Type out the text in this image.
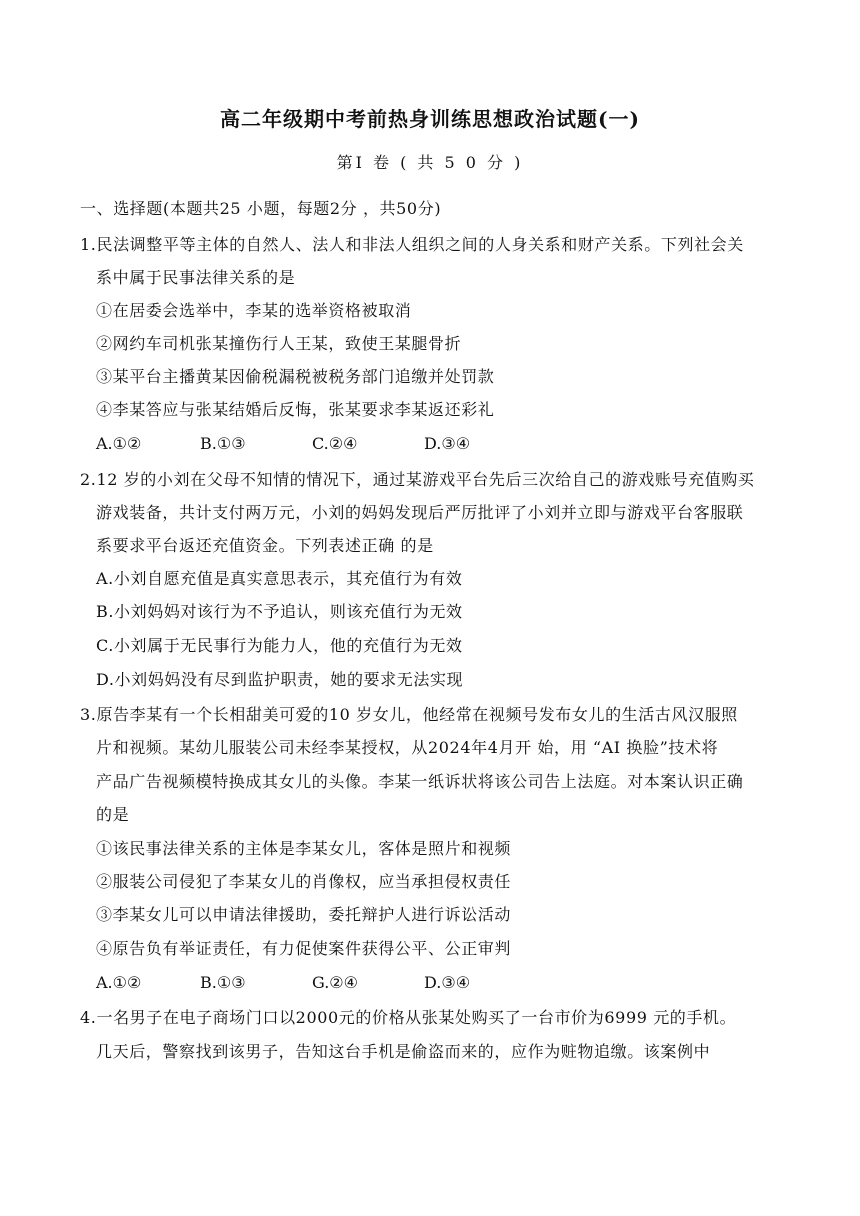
高二年级期中考前热身训练思想政治试题(一)
第Ⅰ 卷 ( 共 5 0 分 )
一、选择题(本题共25 小题，每题2分 ，共50分)
1.民法调整平等主体的自然人、法人和非法人组织之间的人身关系和财产关系。下列社会关
系中属于民事法律关系的是
①在居委会选举中，李某的选举资格被取消
②网约车司机张某撞伤行人王某，致使王某腿骨折
③某平台主播黄某因偷税漏税被税务部门追缴并处罚款
④李某答应与张某结婚后反悔，张某要求李某返还彩礼
A.①②	B.①③	C.②④	D.③④
2.12 岁的小刘在父母不知情的情况下，通过某游戏平台先后三次给自己的游戏账号充值购买
游戏装备，共计支付两万元，小刘的妈妈发现后严厉批评了小刘并立即与游戏平台客服联
系要求平台返还充值资金。下列表述正确 的是
A.小刘自愿充值是真实意思表示，其充值行为有效
B.小刘妈妈对该行为不予追认，则该充值行为无效
C.小刘属于无民事行为能力人，他的充值行为无效
D.小刘妈妈没有尽到监护职责，她的要求无法实现
3.原告李某有一个长相甜美可爱的10 岁女儿，他经常在视频号发布女儿的生活古风汉服照
片和视频。某幼儿服装公司未经李某授权，从2024年4月开 始，用 “AI 换脸”技术将
产品广告视频模特换成其女儿的头像。李某一纸诉状将该公司告上法庭。对本案认识正确
的是
①该民事法律关系的主体是李某女儿，客体是照片和视频
②服装公司侵犯了李某女儿的肖像权，应当承担侵权责任
③李某女儿可以申请法律援助，委托辩护人进行诉讼活动
④原告负有举证责任，有力促使案件获得公平、公正审判
A.①②	B.①③	G.②④	D.③④
4.一名男子在电子商场门口以2000元的价格从张某处购买了一台市价为6999 元的手机。
几天后，警察找到该男子，告知这台手机是偷盗而来的，应作为赃物追缴。该案例中
